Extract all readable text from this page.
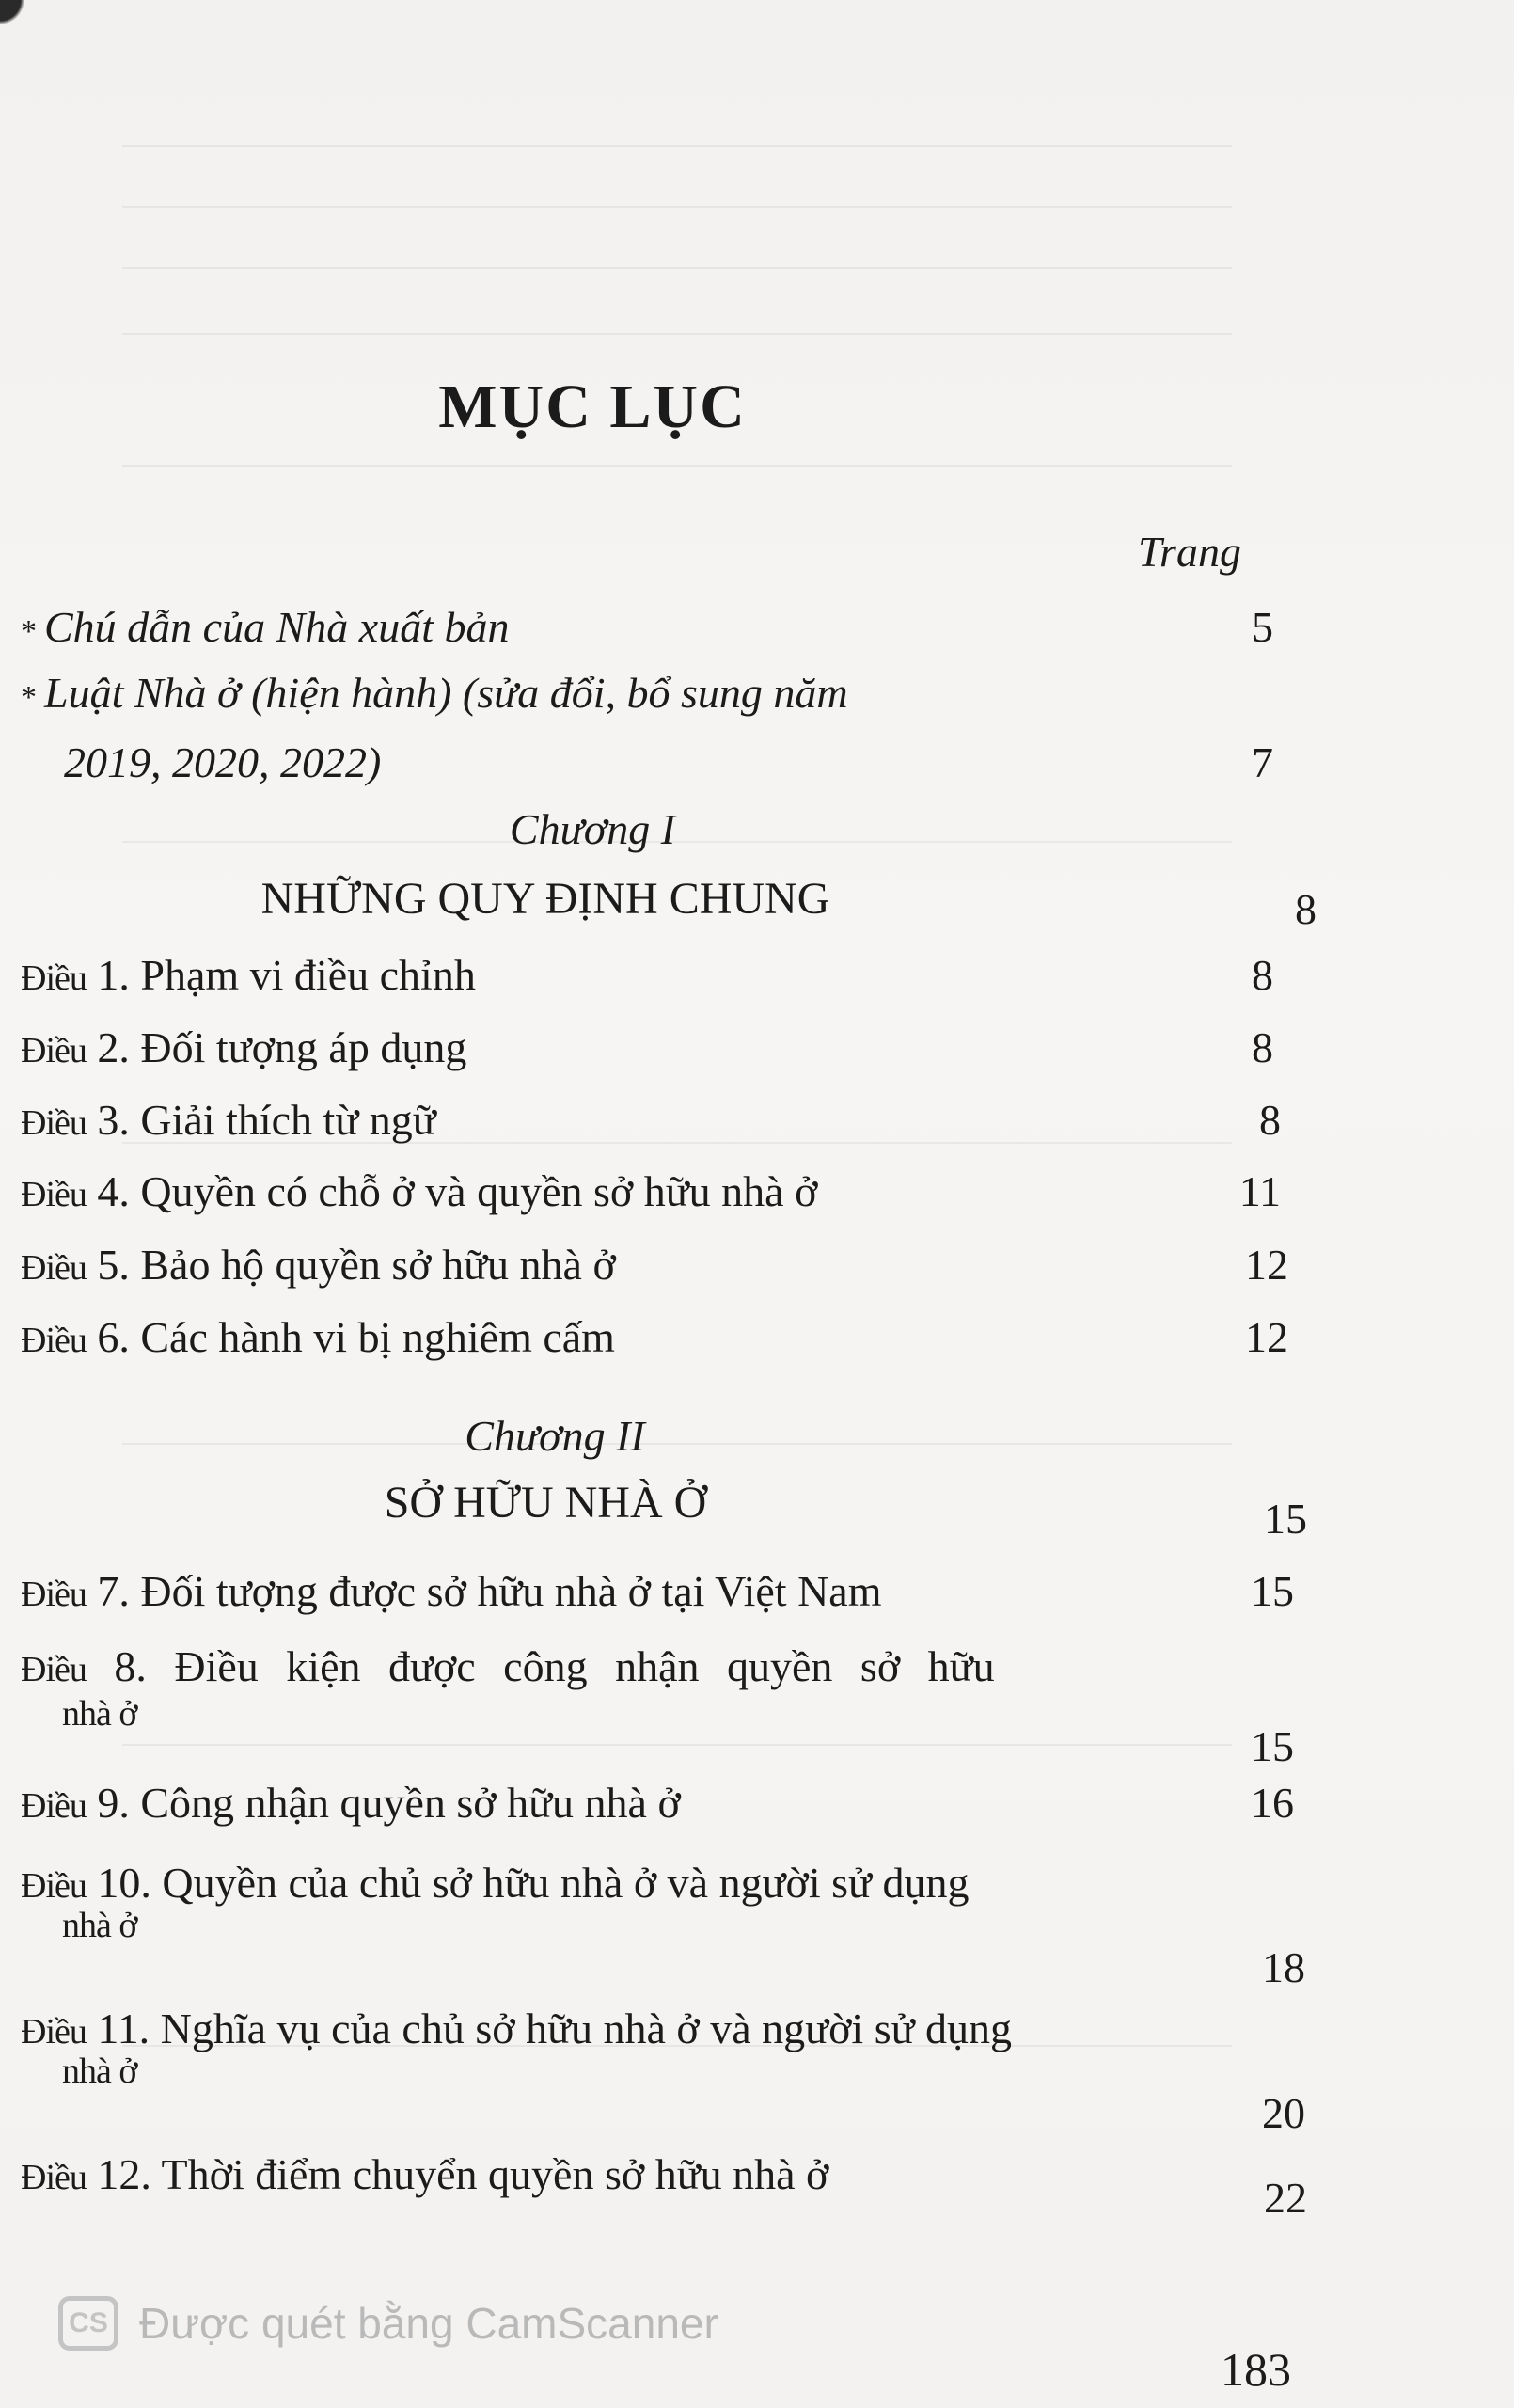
MỤC LỤC
Trang
* Chú dẫn của Nhà xuất bản	5
* Luật Nhà ở (hiện hành) (sửa đổi, bổ sung năm
2019, 2020, 2022)	7
Chương I
NHỮNG QUY ĐỊNH CHUNG	8
Điều 1. Phạm vi điều chỉnh	8
Điều 2. Đối tượng áp dụng	8
Điều 3. Giải thích từ ngữ	8
Điều 4. Quyền có chỗ ở và quyền sở hữu nhà ở	11
Điều 5. Bảo hộ quyền sở hữu nhà ở	12
Điều 6. Các hành vi bị nghiêm cấm	12
Chương II
SỞ HỮU NHÀ Ở	15
Điều 7. Đối tượng được sở hữu nhà ở tại Việt Nam	15
Điều 8. Điều kiện được công nhận quyền sở hữu
nhà ở
15
Điều 9. Công nhận quyền sở hữu nhà ở	16
Điều 10. Quyền của chủ sở hữu nhà ở và người sử dụng
nhà ở
18
Điều 11. Nghĩa vụ của chủ sở hữu nhà ở và người sử dụng
nhà ở
20
Điều 12. Thời điểm chuyển quyền sở hữu nhà ở	22
CS Được quét bằng CamScanner
183
